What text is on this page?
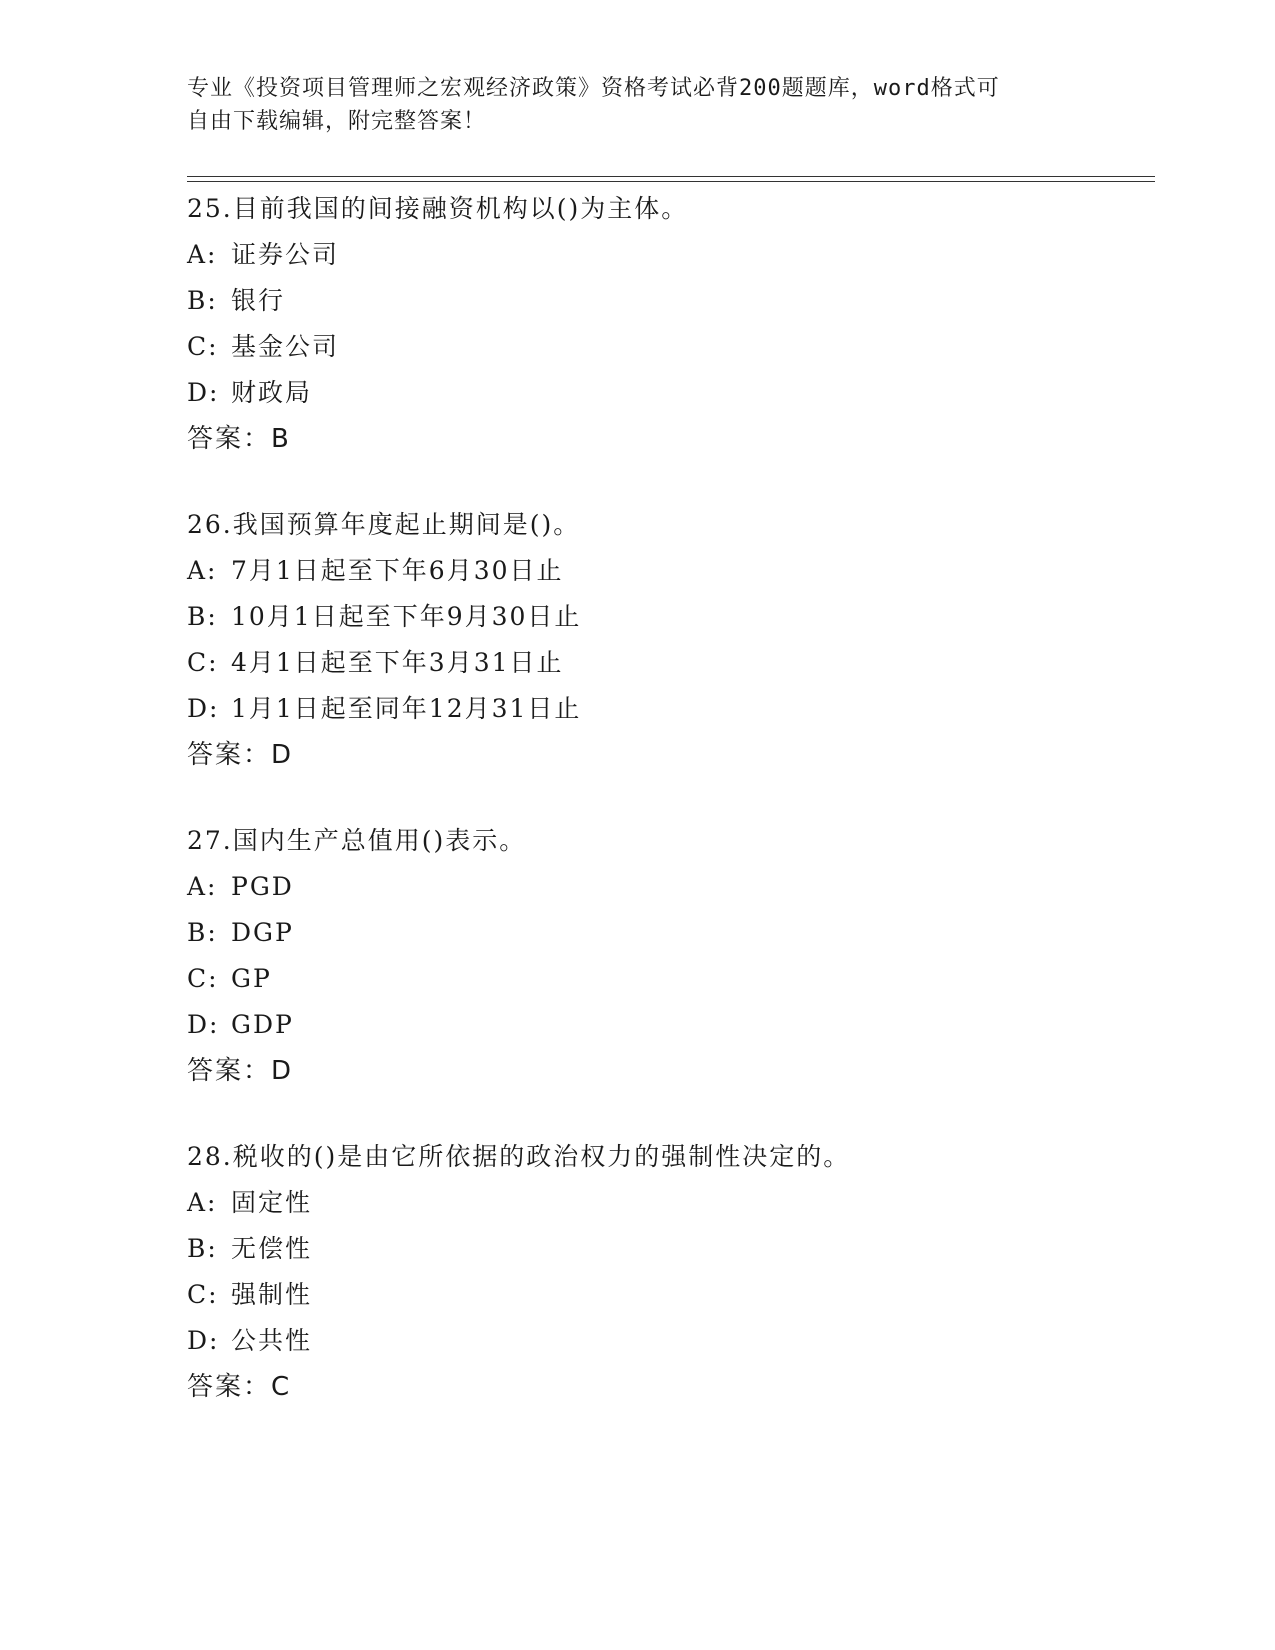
专业《投资项目管理师之宏观经济政策》资格考试必背200题题库，word格式可
自由下载编辑，附完整答案！
25.目前我国的间接融资机构以()为主体。
A: 证券公司
B: 银行
C: 基金公司
D: 财政局
答案：B
26.我国预算年度起止期间是()。
A: 7月1日起至下年6月30日止
B: 10月1日起至下年9月30日止
C: 4月1日起至下年3月31日止
D: 1月1日起至同年12月31日止
答案：D
27.国内生产总值用()表示。
A: PGD
B: DGP
C: GP
D: GDP
答案：D
28.税收的()是由它所依据的政治权力的强制性决定的。
A: 固定性
B: 无偿性
C: 强制性
D: 公共性
答案：C
